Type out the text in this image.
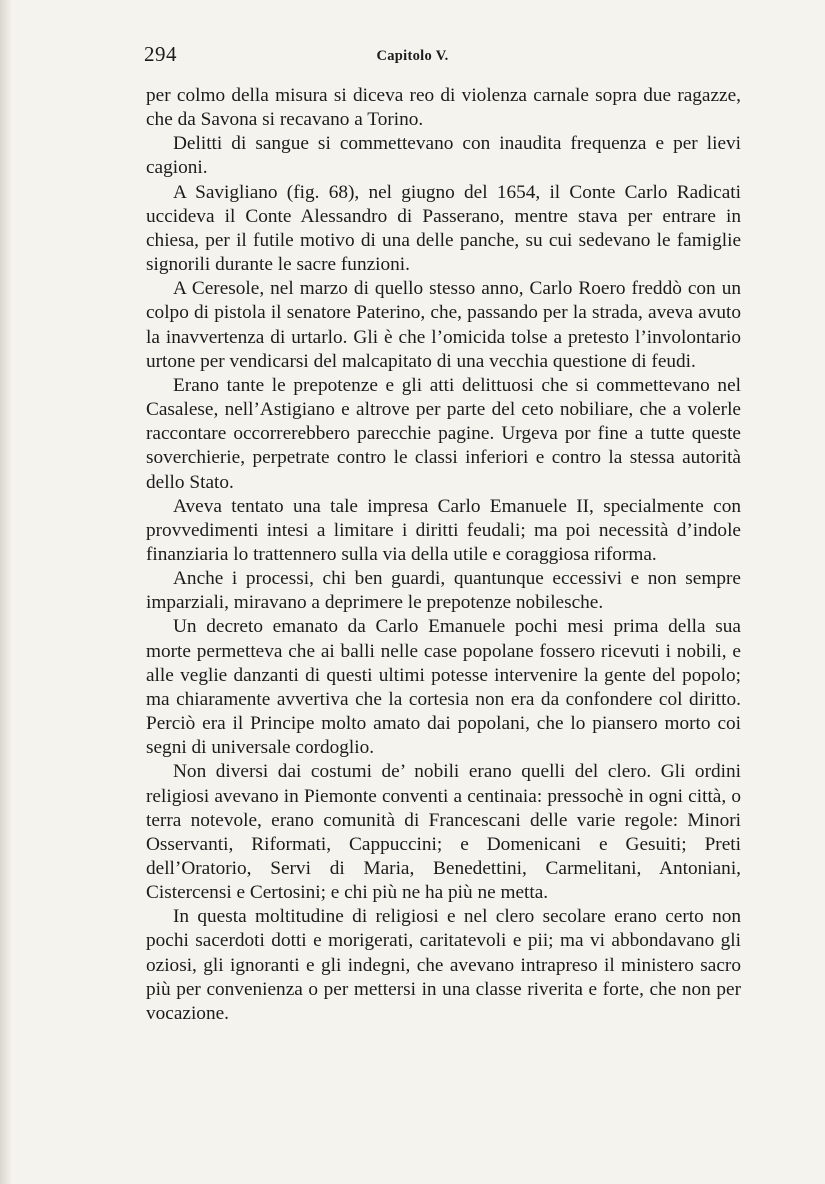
294	Capitolo V.

per colmo della misura si diceva reo di violenza carnale sopra due ragazze, che da Savona si recavano a Torino.

Delitti di sangue si commettevano con inaudita frequenza e per lievi cagioni.

A Savigliano (fig. 68), nel giugno del 1654, il Conte Carlo Radicati uccideva il Conte Alessandro di Passerano, mentre stava per entrare in chiesa, per il futile motivo di una delle panche, su cui sedevano le famiglie signorili durante le sacre funzioni.

A Ceresole, nel marzo di quello stesso anno, Carlo Roero freddò con un colpo di pistola il senatore Paterino, che, passando per la strada, aveva avuto la inavvertenza di urtarlo. Gli è che l’omicida tolse a pretesto l’involontario urtone per vendicarsi del malcapitato di una vecchia questione di feudi.

Erano tante le prepotenze e gli atti delittuosi che si commettevano nel Casalese, nell’Astigiano e altrove per parte del ceto nobiliare, che a volerle raccontare occorrerebbero parecchie pagine. Urgeva por fine a tutte queste soverchierie, perpetrate contro le classi inferiori e contro la stessa autorità dello Stato.

Aveva tentato una tale impresa Carlo Emanuele II, specialmente con provvedimenti intesi a limitare i diritti feudali; ma poi necessità d’indole finanziaria lo trattennero sulla via della utile e coraggiosa riforma.

Anche i processi, chi ben guardi, quantunque eccessivi e non sempre imparziali, miravano a deprimere le prepotenze nobilesche.

Un decreto emanato da Carlo Emanuele pochi mesi prima della sua morte permetteva che ai balli nelle case popolane fossero ricevuti i nobili, e alle veglie danzanti di questi ultimi potesse intervenire la gente del popolo; ma chiaramente avvertiva che la cortesia non era da confondere col diritto. Perciò era il Principe molto amato dai popolani, che lo piansero morto coi segni di universale cordoglio.

Non diversi dai costumi de’ nobili erano quelli del clero. Gli ordini religiosi avevano in Piemonte conventi a centinaia: pressochè in ogni città, o terra notevole, erano comunità di Francescani delle varie regole: Minori Osservanti, Riformati, Cappuccini; e Domenicani e Gesuiti; Preti dell’Oratorio, Servi di Maria, Benedettini, Carmelitani, Antoniani, Cistercensi e Certosini; e chi più ne ha più ne metta.

In questa moltitudine di religiosi e nel clero secolare erano certo non pochi sacerdoti dotti e morigerati, caritatevoli e pii; ma vi abbondavano gli oziosi, gli ignoranti e gli indegni, che avevano intrapreso il ministero sacro più per convenienza o per mettersi in una classe riverita e forte, che non per vocazione.
